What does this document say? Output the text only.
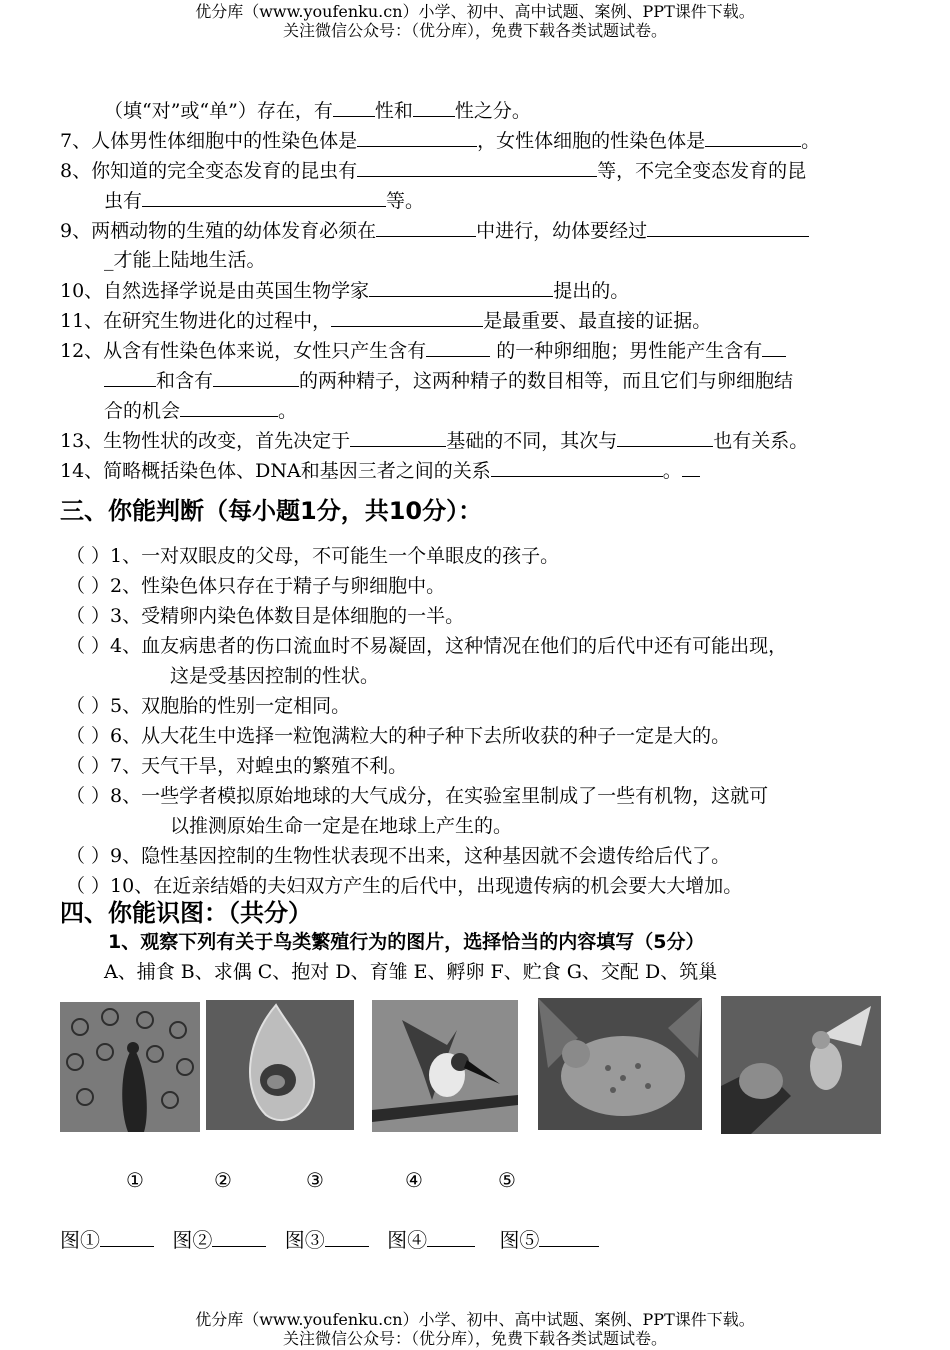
优分库（www.youfenku.cn）小学、初中、高中试题、案例、PPT课件下载。
关注微信公众号：（优分库），免费下载各类试题试卷。
（填“对”或“单”）存在，有 性和 性之分。
7、人体男性体细胞中的性染色体是	，女性体细胞的性染色体是	。
8、你知道的完全变态发育的昆虫有	等，不完全变态发育的昆
虫有	等。
9、两栖动物的生殖的幼体发育必须在	中进行，幼体要经过
_才能上陆地生活。
10、自然选择学说是由英国生物学家	提出的。
11、在研究生物进化的过程中，	是最重要、最直接的证据。
12、从含有性染色体来说，女性只产生含有	的一种卵细胞；男性能产生含有
和含有	的两种精子，这两种精子的数目相等，而且它们与卵细胞结
合的机会	。
13、生物性状的改变，首先决定于	基础的不同，其次与	也有关系。
14、简略概括染色体、DNA和基因三者之间的关系	。
三、你能判断（每小题1分，共10分）：
（ ）1、一对双眼皮的父母，不可能生一个单眼皮的孩子。
（ ）2、性染色体只存在于精子与卵细胞中。
（ ）3、受精卵内染色体数目是体细胞的一半。
（ ）4、血友病患者的伤口流血时不易凝固，这种情况在他们的后代中还有可能出现，
这是受基因控制的性状。
（ ）5、双胞胎的性别一定相同。
（ ）6、从大花生中选择一粒饱满粒大的种子种下去所收获的种子一定是大的。
（ ）7、天气干旱，对蝗虫的繁殖不利。
（ ）8、一些学者模拟原始地球的大气成分，在实验室里制成了一些有机物，这就可
以推测原始生命一定是在地球上产生的。
（ ）9、隐性基因控制的生物性状表现不出来，这种基因就不会遗传给后代了。
（ ）10、在近亲结婚的夫妇双方产生的后代中，出现遗传病的机会要大大增加。
四、你能识图：（共分）
1、观察下列有关于鸟类繁殖行为的图片，选择恰当的内容填写（5分）
A、捕食 B、求偶 C、抱对 D、育雏 E、孵卵 F、贮食 G、交配 D、筑巢
①	②	③	④	⑤
图①	图②	图③	图④	图⑤
优分库（www.youfenku.cn）小学、初中、高中试题、案例、PPT课件下载。
关注微信公众号：（优分库），免费下载各类试题试卷。
